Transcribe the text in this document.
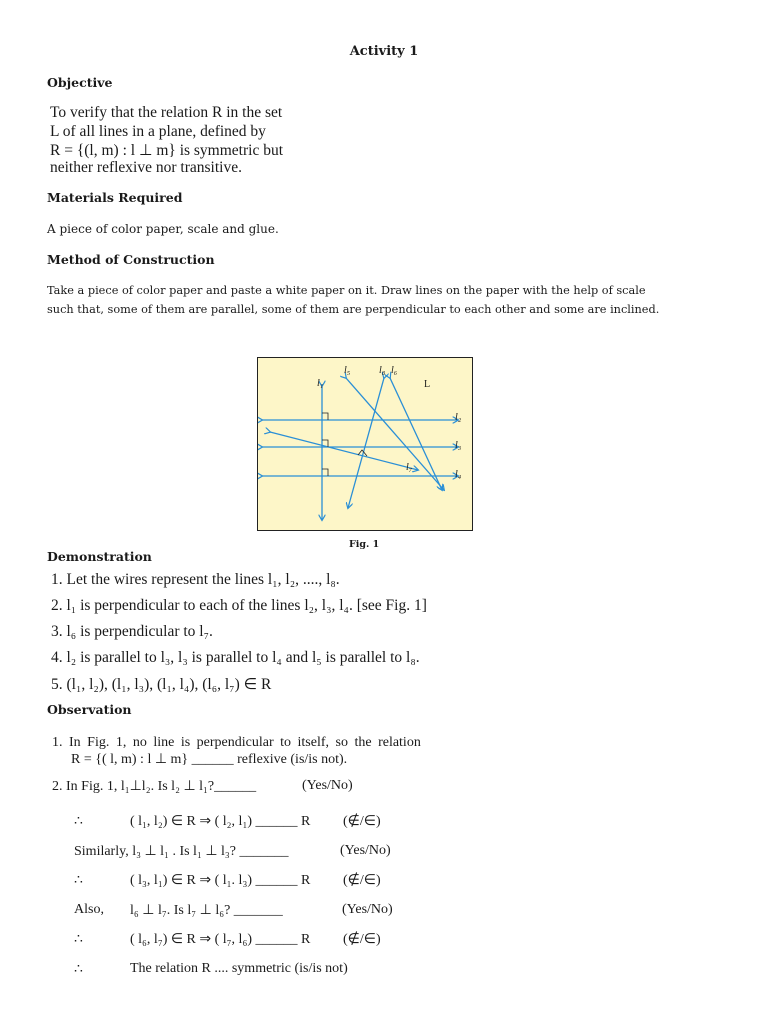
Activity 1
Objective
To verify that the relation R in the set
L of all lines in a plane, defined by
R = {(l, m) : l ⊥ m} is symmetric but
neither reflexive nor transitive.
Materials Required
A piece of color paper, scale and glue.
Method of Construction
Take a piece of color paper and paste a white paper on it. Draw lines on the paper with the help of scale
such that, some of them are parallel, some of them are perpendicular to each other and some are inclined.
l₁
l₅	l₈ l₆
L
l₂
l₃
l₇
l₄
Fig. 1
Demonstration
1. Let the wires represent the lines l₁, l₂, ...., l₈.
2. l₁ is perpendicular to each of the lines l₂, l₃, l₄. [see Fig. 1]
3. l₆ is perpendicular to l₇.
4. l₂ is parallel to l₃, l₃ is parallel to l₄ and l₅ is parallel to l₈.
5. (l₁, l₂), (l₁, l₃), (l₁, l₄), (l₆, l₇) ∈ R
Observation
1. In Fig. 1, no line is perpendicular to itself, so the relation
R = {( l, m) : l ⊥ m} ______ reflexive (is/is not).
2. In Fig. 1, l₁⊥l₂. Is l₂ ⊥ l₁?______	(Yes/No)
∴	( l₁, l₂) ∈ R ⇒ ( l₂, l₁) ______ R (∉/∈)
Similarly, l₃ ⊥ l₁ . Is l₁ ⊥ l₃? _______	(Yes/No)
∴	( l₃, l₁) ∈ R ⇒ ( l₁. l₃) ______ R (∉/∈)
Also, l₆ ⊥ l₇. Is l₇ ⊥ l₆? _______	(Yes/No)
∴	( l₆, l₇) ∈ R ⇒ ( l₇, l₆) ______ R (∉/∈)
∴	The relation R .... symmetric (is/is not)
